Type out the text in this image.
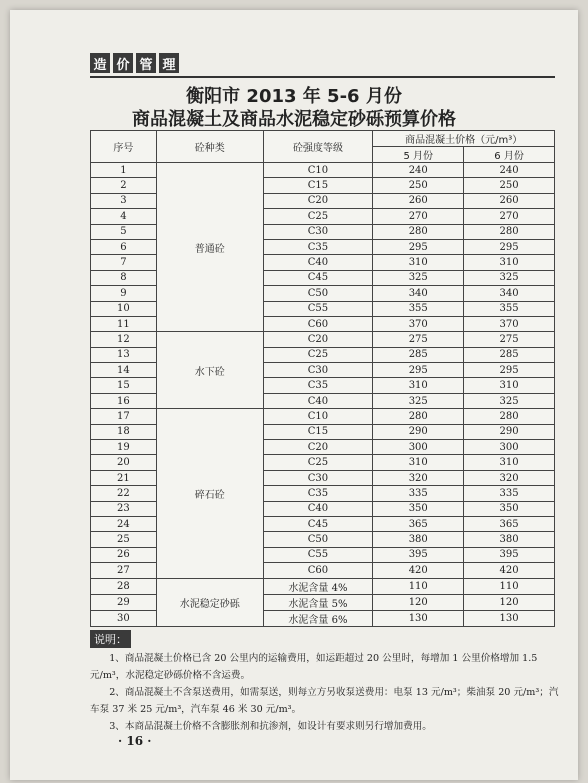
造 价 管 理
衡阳市 2013 年 5-6 月份
商品混凝土及商品水泥稳定砂砾预算价格
序号	砼种类	砼强度等级	商品混凝土价格（元/m³）	
			5 月份	6 月份
1	普通砼	C10	240	240
2		C15	250	250
3		C20	260	260
4		C25	270	270
5		C30	280	280
6		C35	295	295
7		C40	310	310
8		C45	325	325
9		C50	340	340
10		C55	355	355
11		C60	370	370
12	水下砼	C20	275	275
13		C25	285	285
14		C30	295	295
15		C35	310	310
16		C40	325	325
17	碎石砼	C10	280	280
18		C15	290	290
19		C20	300	300
20		C25	310	310
21		C30	320	320
22		C35	335	335
23		C40	350	350
24		C45	365	365
25		C50	380	380
26		C55	395	395
27		C60	420	420
28	水泥稳定砂砾	水泥含量 4%	110	110
29		水泥含量 5%	120	120
30		水泥含量 6%	130	130
说明：

1、商品混凝土价格已含 20 公里内的运输费用，如运距超过 20 公里时，每增加 1 公里价格增加 1.5 元/m³，水泥稳定砂砾价格不含运费。

2、商品混凝土不含泵送费用，如需泵送，则每立方另收泵送费用：电泵 13 元/m³；柴油泵 20 元/m³；汽车泵 37 米 25 元/m³，汽车泵 46 米 30 元/m³。

3、本商品混凝土价格不含膨胀剂和抗渗剂，如设计有要求则另行增加费用。

· 16 ·
